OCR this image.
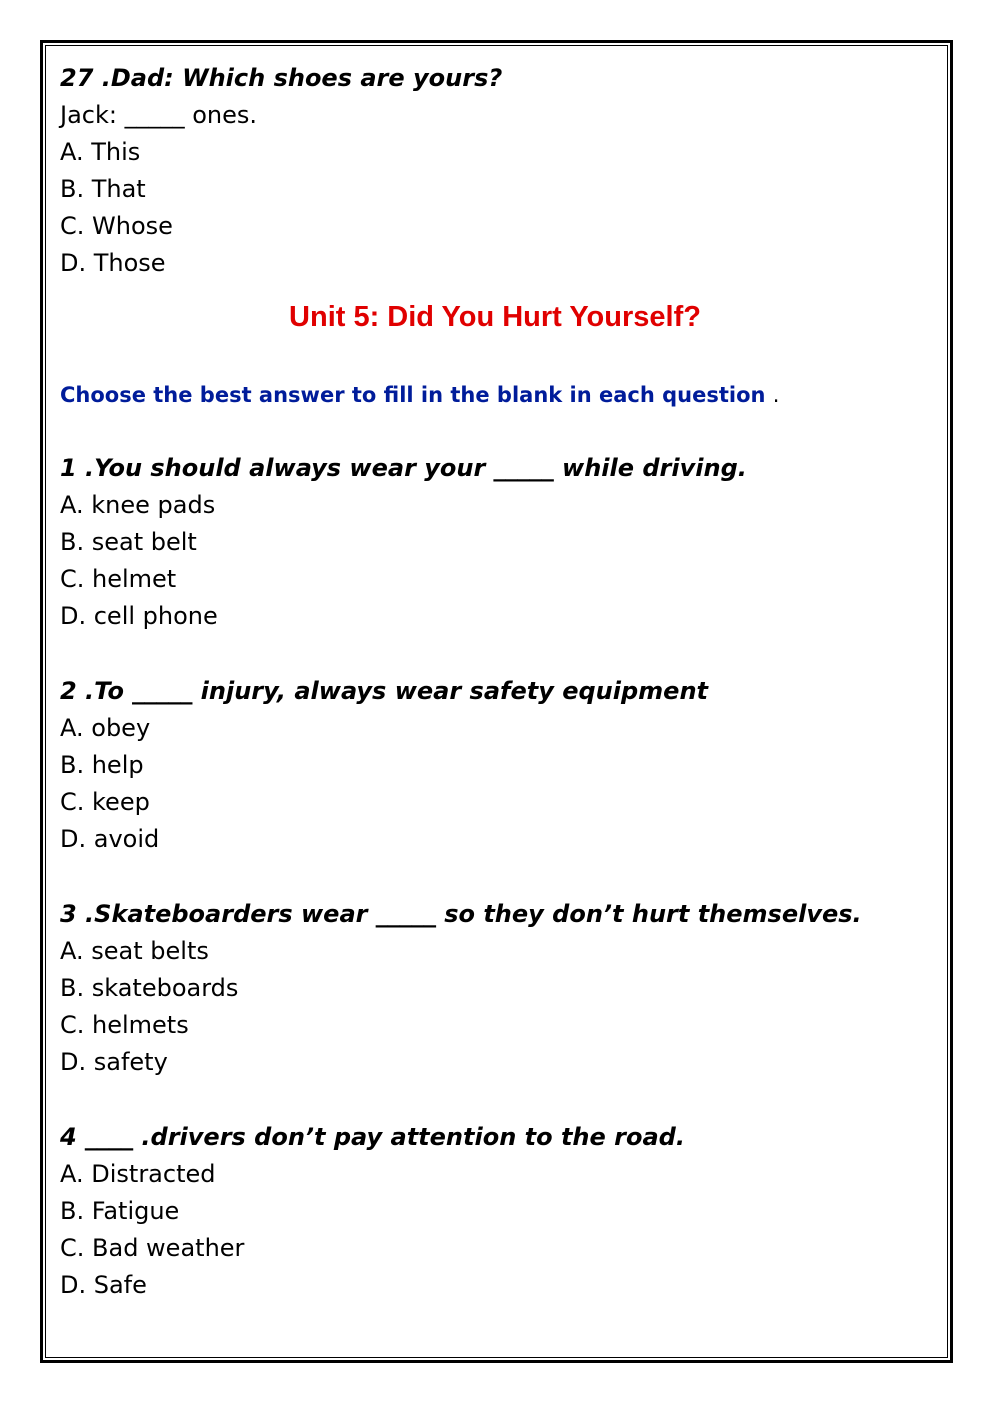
27 .Dad: Which shoes are yours?
Jack: _____ ones.
A. This
B. That
C. Whose
D. Those
Unit 5: Did You Hurt Yourself?
Choose the best answer to fill in the blank in each question .
1 .You should always wear your _____ while driving.
A. knee pads
B. seat belt
C. helmet
D. cell phone
2 .To _____ injury, always wear safety equipment
A. obey
B. help
C. keep
D. avoid
3 .Skateboarders wear _____ so they don’t hurt themselves.
A. seat belts
B. skateboards
C. helmets
D. safety
4 ____ .drivers don’t pay attention to the road.
A. Distracted
B. Fatigue
C. Bad weather
D. Safe
